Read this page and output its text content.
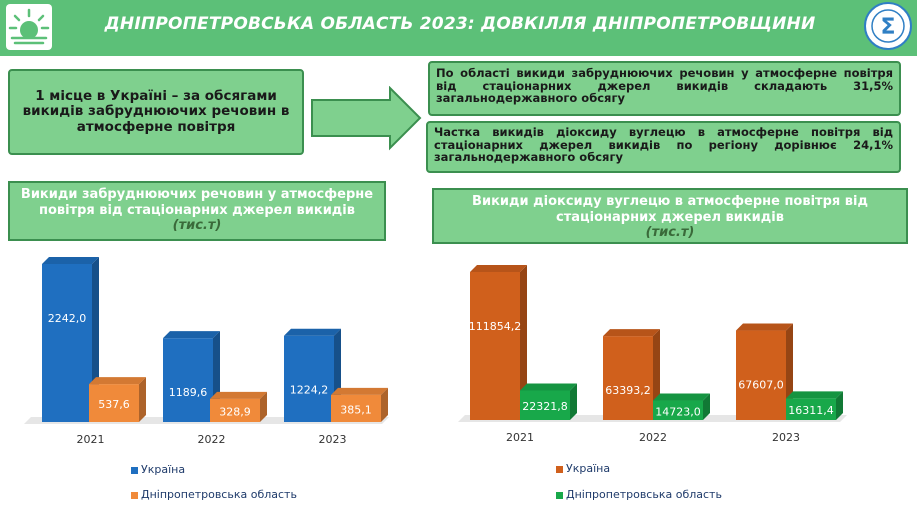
ДНІПРОПЕТРОВСЬКА ОБЛАСТЬ 2023: ДОВКІЛЛЯ ДНІПРОПЕТРОВЩИНИ	Σ
1 місце в Україні – за обсягами викидів забруднюючих речовин в атмосферне повітря
По області викиди забруднюючих речовин у атмосферне повітря від стаціонарних джерел викидів складають 31,5% загальнодержавного обсягу
Частка викидів діоксиду вуглецю в атмосферне повітря від стаціонарних джерел викидів по регіону дорівнює 24,1% загальнодержавного обсягу
Викиди забруднюючих речовин у атмосферне повітря від стаціонарних джерел викидів
(тис.т)
Викиди діоксиду вуглецю в атмосферне повітря від стаціонарних джерел викидів
(тис.т)
2242,0
537,6
2021
1189,6
328,9
2022
1224,2
385,1
2023
111854,2
22321,8
2021
63393,2
14723,0
2022
67607,0
16311,4
2023
Україна
Дніпропетровська область
Україна
Дніпропетровська область
